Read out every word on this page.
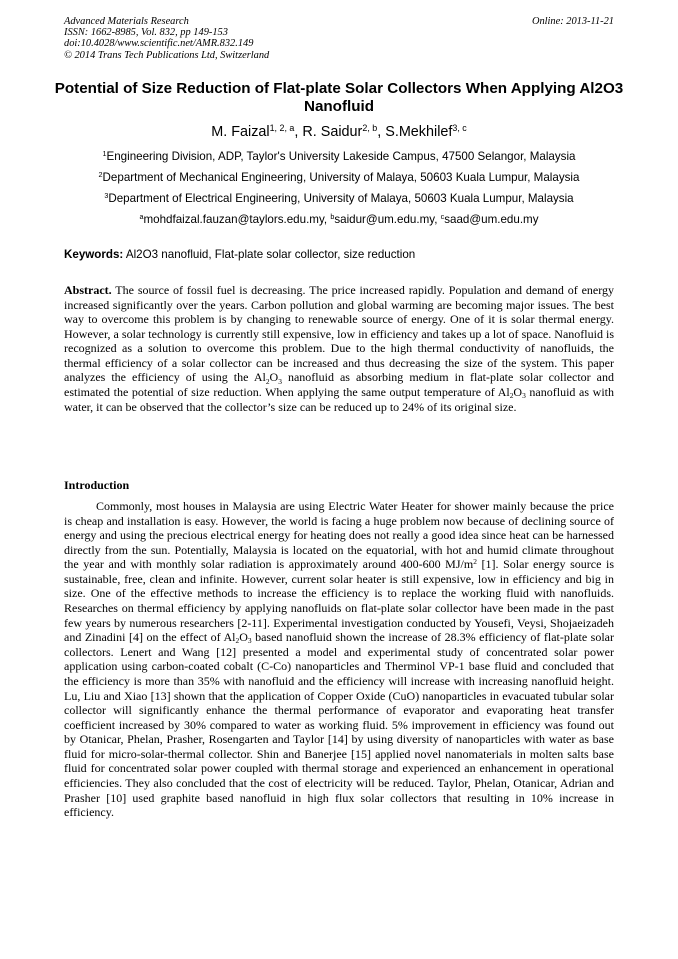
Advanced Materials Research
ISSN: 1662-8985, Vol. 832, pp 149-153
doi:10.4028/www.scientific.net/AMR.832.149
© 2014 Trans Tech Publications Ltd, Switzerland
Online: 2013-11-21
Potential of Size Reduction of Flat-plate Solar Collectors When Applying Al2O3 Nanofluid
M. Faizal$^{1, 2, a}$, R. Saidur$^{2, b}$, S.Mekhilef$^{3, c}$
$^1$Engineering Division, ADP, Taylor's University Lakeside Campus, 47500 Selangor, Malaysia
$^2$Department of Mechanical Engineering, University of Malaya, 50603 Kuala Lumpur, Malaysia
$^3$Department of Electrical Engineering, University of Malaya, 50603 Kuala Lumpur, Malaysia
$^a$mohdfaizal.fauzan@taylors.edu.my, $^b$saidur@um.edu.my, $^c$saad@um.edu.my
Keywords: Al2O3 nanofluid, Flat-plate solar collector, size reduction
Abstract. The source of fossil fuel is decreasing. The price increased rapidly. Population and demand of energy increased significantly over the years. Carbon pollution and global warming are becoming major issues. The best way to overcome this problem is by changing to renewable source of energy. One of it is solar thermal energy. However, a solar technology is currently still expensive, low in efficiency and takes up a lot of space. Nanofluid is recognized as a solution to overcome this problem. Due to the high thermal conductivity of nanofluids, the thermal efficiency of a solar collector can be increased and thus decreasing the size of the system. This paper analyzes the efficiency of using the $Al_2O_3$ nanofluid as absorbing medium in flat-plate solar collector and estimated the potential of size reduction. When applying the same output temperature of $Al_2O_3$ nanofluid as with water, it can be observed that the collector’s size can be reduced up to 24% of its original size.
Introduction
Commonly, most houses in Malaysia are using Electric Water Heater for shower mainly because the price is cheap and installation is easy. However, the world is facing a huge problem now because of declining source of energy and using the precious electrical energy for heating does not really a good idea since heat can be harnessed directly from the sun. Potentially, Malaysia is located on the equatorial, with hot and humid climate throughout the year and with monthly solar radiation is approximately around 400-600 $MJ/m^2$ [1]. Solar energy source is sustainable, free, clean and infinite. However, current solar heater is still expensive, low in efficiency and big in size. One of the effective methods to increase the efficiency is to replace the working fluid with nanofluids. Researches on thermal efficiency by applying nanofluids on flat-plate solar collector have been made in the past few years by numerous researchers [2-11]. Experimental investigation conducted by Yousefi, Veysi, Shojaeizadeh and Zinadini [4] on the effect of $Al_2O_3$ based nanofluid shown the increase of 28.3% efficiency of flat-plate solar collectors. Lenert and Wang [12] presented a model and experimental study of concentrated solar power application using carbon-coated cobalt (C-Co) nanoparticles and Therminol VP-1 base fluid and concluded that the efficiency is more than 35% with nanofluid and the efficiency will increase with increasing nanofluid height. Lu, Liu and Xiao [13] shown that the application of Copper Oxide (CuO) nanoparticles in evacuated tubular solar collector will significantly enhance the thermal performance of evaporator and evaporating heat transfer coefficient increased by 30% compared to water as working fluid. 5% improvement in efficiency was found out by Otanicar, Phelan, Prasher, Rosengarten and Taylor [14] by using diversity of nanoparticles with water as base fluid for micro-solar-thermal collector. Shin and Banerjee [15] applied novel nanomaterials in molten salts base fluid for concentrated solar power coupled with thermal storage and experienced an enhancement in operational efficiencies. They also concluded that the cost of electricity will be reduced. Taylor, Phelan, Otanicar, Adrian and Prasher [10] used graphite based nanofluid in high flux solar collectors that resulting in 10% increase in efficiency.
